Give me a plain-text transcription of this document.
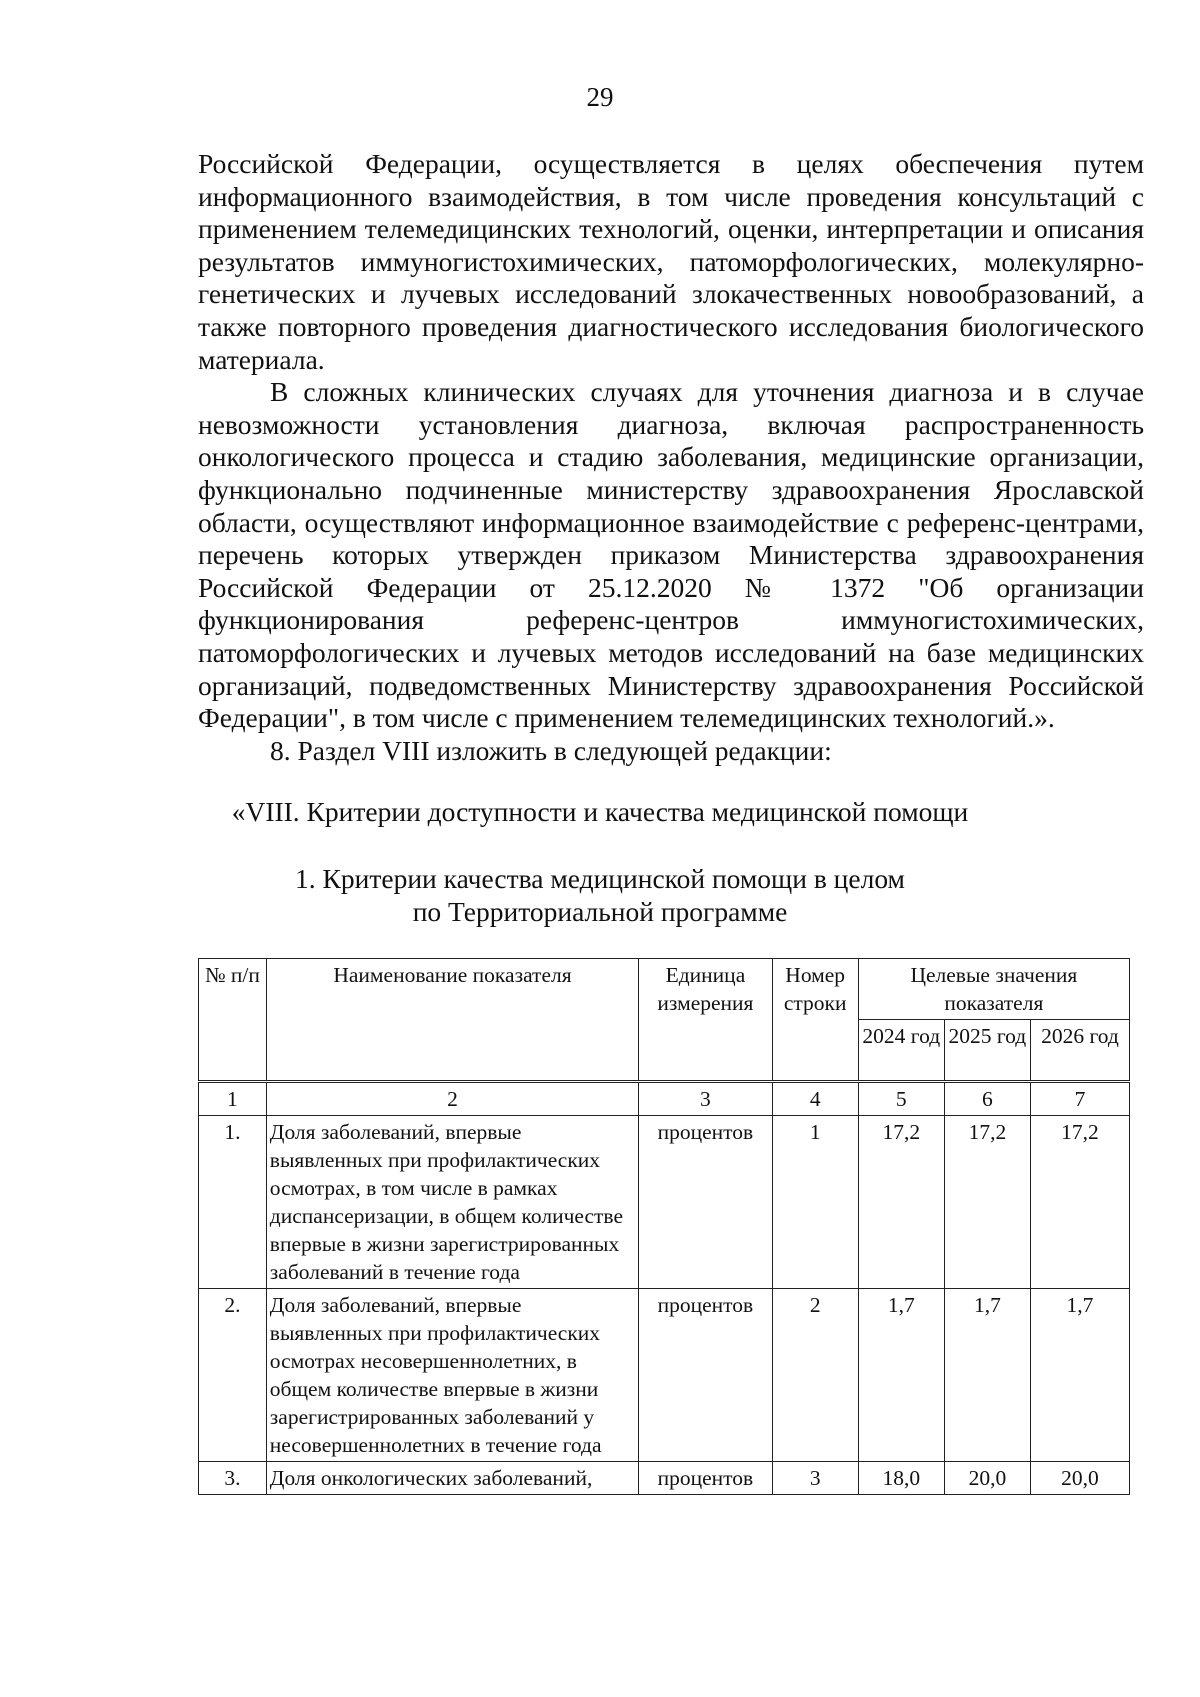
29

Российской Федерации, осуществляется в целях обеспечения путем информационного взаимодействия, в том числе проведения консультаций с применением телемедицинских технологий, оценки, интерпретации и описания результатов иммуногистохимических, патоморфологических, молекулярно-генетических и лучевых исследований злокачественных новообразований, а также повторного проведения диагностического исследования биологического материала.

В сложных клинических случаях для уточнения диагноза и в случае невозможности установления диагноза, включая распространенность онкологического процесса и стадию заболевания, медицинские организации, функционально подчиненные министерству здравоохранения Ярославской области, осуществляют информационное взаимодействие с референс-центрами, перечень которых утвержден приказом Министерства здравоохранения Российской Федерации от 25.12.2020 № 1372 "Об организации функционирования референс-центров иммуногистохимических, патоморфологических и лучевых методов исследований на базе медицинских организаций, подведомственных Министерству здравоохранения Российской Федерации", в том числе с применением телемедицинских технологий.».

8. Раздел VIII изложить в следующей редакции:

«VIII. Критерии доступности и качества медицинской помощи
1. Критерии качества медицинской помощи в целом
по Территориальной программе
№ п/п	Наименование показателя	Единица измерения	Номер строки	Целевые значения показателя		
				2024 год	2025 год	2026 год
1	2	3	4	5	6	7
1.	Доля заболеваний, впервые выявленных при профилактических осмотрах, в том числе в рамках диспансеризации, в общем количестве впервые в жизни зарегистрированных заболеваний в течение года	процентов	1	17,2	17,2	17,2
2.	Доля заболеваний, впервые выявленных при профилактических осмотрах несовершеннолетних, в общем количестве впервые в жизни зарегистрированных заболеваний у несовершеннолетних в течение года	процентов	2	1,7	1,7	1,7
3.	Доля онкологических заболеваний,	процентов	3	18,0	20,0	20,0
